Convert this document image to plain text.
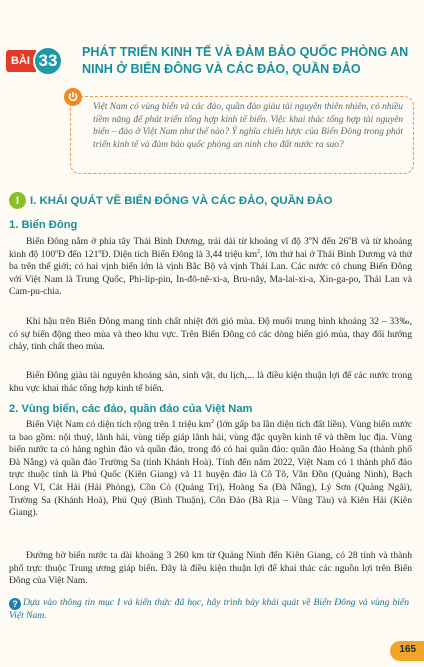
BÀI 33	PHÁT TRIỂN KINH TẾ VÀ ĐẢM BẢO QUỐC PHÒNG AN NINH Ở BIỂN ĐÔNG VÀ CÁC ĐẢO, QUẦN ĐẢO

Việt Nam có vùng biển và các đảo, quần đảo giàu tài nguyên thiên nhiên, có nhiều tiềm năng để phát triển tổng hợp kinh tế biển. Việc khai thác tổng hợp tài nguyên biển – đảo ở Việt Nam như thế nào? Ý nghĩa chiến lược của Biển Đông trong phát triển kinh tế và đảm bảo quốc phòng an ninh cho đất nước ra sao?

I I. KHÁI QUÁT VỀ BIỂN ĐÔNG VÀ CÁC ĐẢO, QUẦN ĐẢO
1. Biển Đông

Biển Đông nằm ở phía tây Thái Bình Dương, trải dài từ khoảng vĩ độ 3$^o$N đến 26$^o$B và từ khoảng kinh độ 100$^o$Đ đến 121$^o$Đ. Diện tích Biển Đông là 3,44 triệu $km^2$, lớn thứ hai ở Thái Bình Dương và thứ ba trên thế giới; có hai vịnh biển lớn là vịnh Bắc Bộ và vịnh Thái Lan. Các nước có chung Biển Đông với Việt Nam là Trung Quốc, Phi-líp-pin, In-đô-nê-xi-a, Bru-nây, Ma-lai-xi-a, Xin-ga-po, Thái Lan và Cam-pu-chia.

Khí hậu trên Biển Đông mang tính chất nhiệt đới gió mùa. Độ muối trung bình khoảng 32 – 33‰, có sự biến động theo mùa và theo khu vực. Trên Biển Đông có các dòng biển gió mùa, thay đổi hướng chảy, tính chất theo mùa.

Biển Đông giàu tài nguyên khoáng sản, sinh vật, du lịch,... là điều kiện thuận lợi để các nước trong khu vực khai thác tổng hợp kinh tế biển.

2. Vùng biển, các đảo, quần đảo của Việt Nam

Biển Việt Nam có diện tích rộng trên 1 triệu $km^2$ (lớn gấp ba lần diện tích đất liền). Vùng biển nước ta bao gồm: nội thuỷ, lãnh hải, vùng tiếp giáp lãnh hải, vùng đặc quyền kinh tế và thềm lục địa. Vùng biển nước ta có hàng nghìn đảo và quần đảo, trong đó có hai quần đảo: quần đảo Hoàng Sa (thành phố Đà Nẵng) và quần đảo Trường Sa (tỉnh Khánh Hoà). Tính đến năm 2022, Việt Nam có 1 thành phố đảo trực thuộc tỉnh là Phú Quốc (Kiên Giang) và 11 huyện đảo là Cô Tô, Vân Đồn (Quảng Ninh), Bạch Long Vĩ, Cát Hải (Hải Phòng), Cồn Cỏ (Quảng Trị), Hoàng Sa (Đà Nẵng), Lý Sơn (Quảng Ngãi), Trường Sa (Khánh Hoà), Phú Quý (Bình Thuận), Côn Đảo (Bà Rịa – Vũng Tàu) và Kiên Hải (Kiên Giang).

Đường bờ biển nước ta dài khoảng 3 260 km từ Quảng Ninh đến Kiên Giang, có 28 tỉnh và thành phố trực thuộc Trung ương giáp biển. Đây là điều kiện thuận lợi để khai thác các nguồn lợi trên Biển Đông của Việt Nam.

Dựa vào thông tin mục I và kiến thức đã học, hãy trình bày khái quát về Biển Đông và vùng biển Việt Nam.

?
165
